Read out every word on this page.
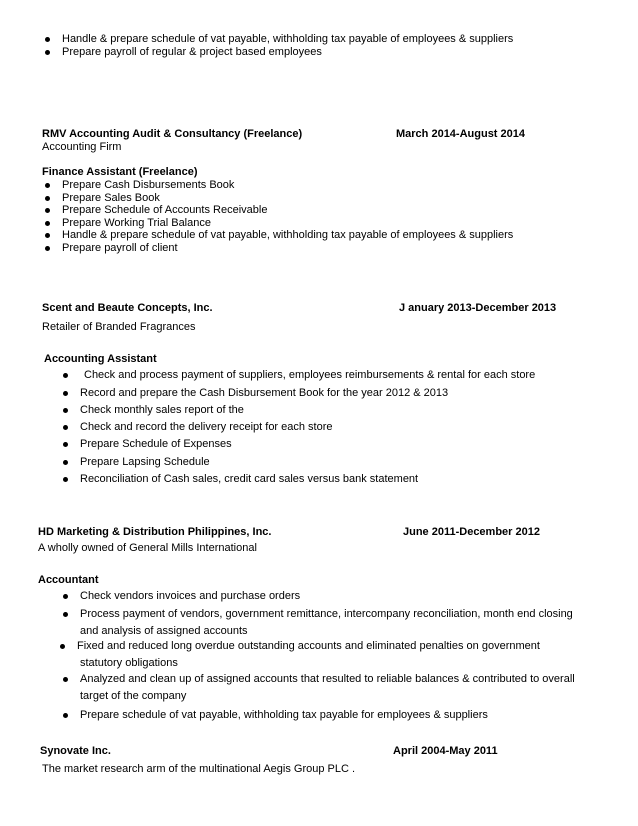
Handle & prepare schedule of vat payable, withholding tax payable of employees & suppliers
Prepare payroll of regular & project based employees
RMV Accounting Audit & Consultancy (Freelance)	March 2014-August 2014
Accounting Firm
Finance Assistant (Freelance)
Prepare Cash Disbursements Book
Prepare Sales Book
Prepare Schedule of Accounts Receivable
Prepare Working Trial Balance
Handle & prepare schedule of vat payable, withholding tax payable of employees & suppliers
Prepare payroll of client
Scent and Beaute Concepts, Inc.	J anuary 2013-December 2013
Retailer of Branded Fragrances
Accounting Assistant
Check and process payment of suppliers, employees reimbursements & rental for each store
Record and prepare the Cash Disbursement Book for the year 2012 & 2013
Check monthly sales report of the
Check and record the delivery receipt for each store
Prepare Schedule of Expenses
Prepare Lapsing Schedule
Reconciliation of Cash sales, credit card sales versus bank statement
HD Marketing & Distribution Philippines, Inc.	June 2011-December 2012
A wholly owned of General Mills International
Accountant
Check vendors invoices and purchase orders
Process payment of vendors, government remittance, intercompany reconciliation, month end closing
and analysis of assigned accounts
Fixed and reduced long overdue outstanding accounts and eliminated penalties on government
statutory obligations
Analyzed and clean up of assigned accounts that resulted to reliable balances & contributed to overall
target of the company
Prepare schedule of vat payable, withholding tax payable for employees & suppliers
Synovate Inc.	April 2004-May 2011
The market research arm of the multinational Aegis Group PLC .
